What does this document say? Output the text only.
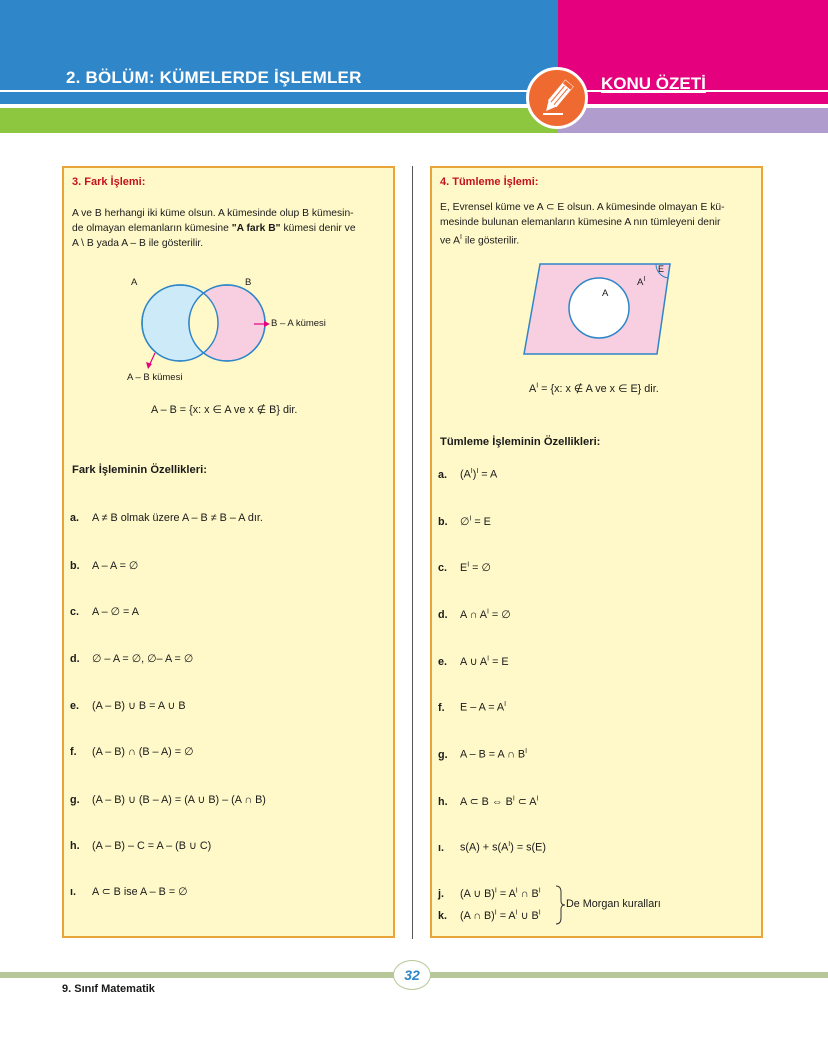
2. BÖLÜM: KÜMELERDE İŞLEMLER	KONU ÖZETİ
3. Fark İşlemi:
A ve B herhangi iki küme olsun. A kümesinde olup B kümesin-
de olmayan elemanların kümesine "A fark B" kümesi denir ve
A \ B yada A – B ile gösterilir.
A	B
B – A kümesi
A – B kümesi
A – B = {x: x ∈ A ve x ∉ B} dir.
Fark İşleminin Özellikleri:
a. A ≠ B olmak üzere A – B ≠ B – A dır.
b. A – A = ∅
c. A – ∅ = A
d. ∅ – A = ∅, ∅– A = ∅
e. (A – B) ∪ B = A ∪ B
f. (A – B) ∩ (B – A) = ∅
g. (A – B) ∪ (B – A) = (A ∪ B) – (A ∩ B)
h. (A – B) – C = A – (B ∪ C)
ı. A ⊂ B ise A – B = ∅
4. Tümleme İşlemi:
E, Evrensel küme ve A ⊂ E olsun. A kümesinde olmayan E kü-
mesinde bulunan elemanların kümesine A nın tümleyeni denir
ve $A^I$ ile gösterilir.
E
A
$A^I$
$A^I = \{x$: x ∉ A ve x ∈ E} dir.
Tümleme İşleminin Özellikleri:
a. $(A^I)^I = A$
b. ∅$^I$ = E
c. $E^I$ = ∅
d. A ∩ $A^I$ = ∅
e. A ∪ $A^I = E$
f. $E - A = A^I$
g. A – B = A ∩ $B^I$
h. A ⊂ B ⇔ $B^I$ ⊂ $A^I$
ı. $s(A) + s(A^I) = s(E)$
j. (A ∪ $B)^I = A^I$ ∩ $B^I$
k. (A ∩ $B)^I = A^I$ ∪ $B^I$
De Morgan kuralları
32
9. Sınıf Matematik
